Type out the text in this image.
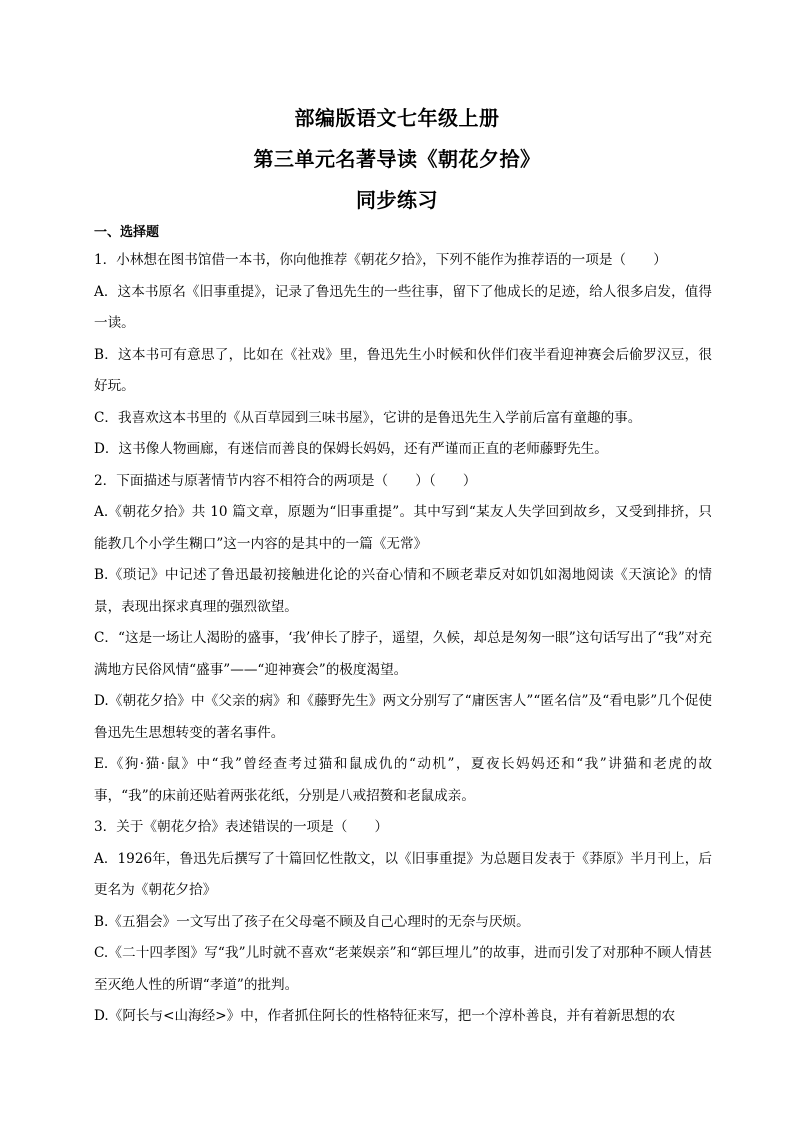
部编版语文七年级上册
第三单元名著导读《朝花夕拾》
同步练习
一、选择题

1．小林想在图书馆借一本书，你向他推荐《朝花夕拾》，下列不能作为推荐语的一项是（　　）

A．这本书原名《旧事重提》，记录了鲁迅先生的一些往事，留下了他成长的足迹，给人很多启发，值得一读。

B．这本书可有意思了，比如在《社戏》里，鲁迅先生小时候和伙伴们夜半看迎神赛会后偷罗汉豆，很好玩。

C．我喜欢这本书里的《从百草园到三味书屋》，它讲的是鲁迅先生入学前后富有童趣的事。

D．这书像人物画廊，有迷信而善良的保姆长妈妈，还有严谨而正直的老师藤野先生。

2．下面描述与原著情节内容不相符合的两项是（　　）（　　）

A.《朝花夕拾》共 10 篇文章，原题为“旧事重提”。其中写到“某友人失学回到故乡，又受到排挤，只能教几个小学生糊口”这一内容的是其中的一篇《无常》

B.《琐记》中记述了鲁迅最初接触进化论的兴奋心情和不顾老辈反对如饥如渴地阅读《天演论》的情景，表现出探求真理的强烈欲望。

C．“这是一场让人渴盼的盛事，‘我’伸长了脖子，遥望，久候，却总是匆匆一眼”这句话写出了“我”对充满地方民俗风情“盛事”——“迎神赛会”的极度渴望。

D.《朝花夕拾》中《父亲的病》和《藤野先生》两文分别写了“庸医害人”“匿名信”及“看电影”几个促使鲁迅先生思想转变的著名事件。

E.《狗·猫·鼠》中“我”曾经查考过猫和鼠成仇的“动机”，夏夜长妈妈还和“我”讲猫和老虎的故事，“我”的床前还贴着两张花纸，分别是八戒招赘和老鼠成亲。

3．关于《朝花夕拾》表述错误的一项是（　　）

A．1926年，鲁迅先后撰写了十篇回忆性散文，以《旧事重提》为总题目发表于《莽原》半月刊上，后更名为《朝花夕拾》

B.《五猖会》一文写出了孩子在父母毫不顾及自己心理时的无奈与厌烦。

C.《二十四孝图》写“我”儿时就不喜欢“老莱娱亲”和“郭巨埋儿”的故事，进而引发了对那种不顾人情甚至灭绝人性的所谓“孝道”的批判。

D.《阿长与<山海经>》中，作者抓住阿长的性格特征来写，把一个淳朴善良，并有着新思想的农
